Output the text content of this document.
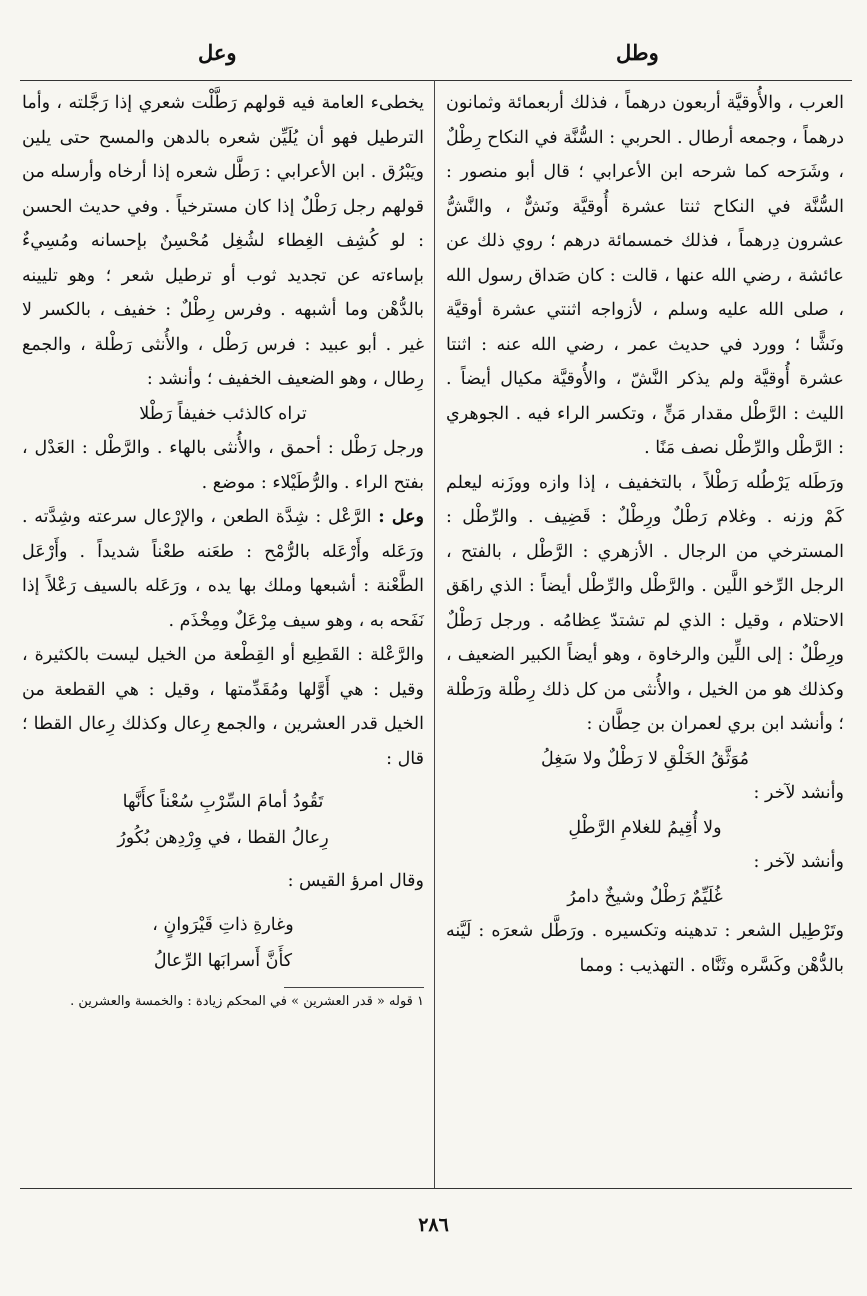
وطل
وعل

العرب ، والأُوقيَّة أربعون درهماً ، فذلك أربعمائة وثمانون درهماً ، وجمعه أرطال . الحربي : السُّنَّة في النكاح رِطْلٌ ، وشَرَحه كما شرحه ابن الأعرابي ؛ قال أبو منصور : السُّنَّة في النكاح ثنتا عشرة أُوقيَّة ونَشٌّ ، والنَّشُّ عشرون دِرهماً ، فذلك خمسمائة درهم ؛ روي ذلك عن عائشة ، رضي الله عنها ، قالت : كان صَداق رسول الله ، صلى الله عليه وسلم ، لأزواجه اثنتي عشرة أوقيَّة ونَشًّا ؛ وورد في حديث عمر ، رضي الله عنه : اثنتا عشرة أُوقيَّة ولم يذكر النَّشّ ، والأُوقيَّة مكيال أيضاً . الليث : الرَّطْل مقدار مَنٍّ ، وتكسر الراء فيه . الجوهري : الرَّطْل والرِّطْل نصف مَنًا .

ورَطَله يَرْطُله رَطْلاً ، بالتخفيف ، إذا وازه ووزَنه ليعلم كَمْ وزنه . وغلام رَطْلٌ ورِطْلٌ : قَضِيف . والرِّطْل : المسترخي من الرجال . الأزهري : الرَّطْل ، بالفتح ، الرجل الرِّخو اللَّين . والرَّطْل والرِّطْل أيضاً : الذي راهَق الاحتلام ، وقيل : الذي لم تشتدّ عِظامُه . ورجل رَطْلٌ ورِطْلٌ : إلى اللِّين والرخاوة ، وهو أيضاً الكبير الضعيف ، وكذلك هو من الخيل ، والأُنثى من كل ذلك رِطْلة ورَطْلة ؛ وأنشد ابن بري لعمران بن حِطَّان :

مُوَثَّقُ الخَلْقِ لا رَطْلٌ ولا سَغِلُ

وأنشد لآخر :

ولا أُقِيمُ للغلامِ الرَّطْلِ

وأنشد لآخر :

غُلَيِّمٌ رَطْلٌ وشيخٌ دامرُ

وتَرْطِيل الشعر : تدهينه وتكسيره . ورَطَّل شعرَه : لَيَّنه بالدُّهْن وكَسَّره وثَنَّاه . التهذيب : ومما

يخطىء العامة فيه قولهم رَطَّلْت شعري إذا رَجَّلته ، وأما الترطيل فهو أن يُلَيِّن شعره بالدهن والمسح حتى يلين ويَبْرُق . ابن الأعرابي : رَطَّل شعره إذا أرخاه وأرسله من قولهم رجل رَطْلٌ إذا كان مسترخياً . وفي حديث الحسن : لو كُشِف الغِطاء لشُغِل مُحْسِنٌ بإحسانه ومُسِيءٌ بإساءته عن تجديد ثوب أو ترطيل شعر ؛ وهو تليينه بالدُّهْن وما أشبهه . وفرس رِطْلٌ : خفيف ، بالكسر لا غير . أبو عبيد : فرس رَطْل ، والأُنثى رَطْلة ، والجمع رِطال ، وهو الضعيف الخفيف ؛ وأنشد :

تراه كالذئب خفيفاً رَطْلا

ورجل رَطْل : أحمق ، والأُنثى بالهاء . والرَّطْل : العَدْل ، بفتح الراء . والرُّطَيْلاء : موضع .

وعل : الرَّعْل : شِدَّة الطعن ، والإرْعال سرعته وشِدَّته . ورَعَله وأَرْعَله بالرُّمْح : طعَنه طعْناً شديداً . وأَرْعَل الطَّعْنة : أشبعها وملك بها يده ، ورَعَله بالسيف رَعْلاً إذا نَفَحه به ، وهو سيف مِرْعَلٌ ومِخْذَم .

والرَّعْلة : القَطِيع أو القِطْعة من الخيل ليست بالكثيرة ، وقيل : هي أَوَّلها ومُقَدِّمتها ، وقيل : هي القطعة من الخيل قدر العشرين ، والجمع رِعال وكذلك رِعال القطا ؛ قال :

تَقُودُ أمامَ السِّرْبِ سُعْناً كأَنَّها
رِعالُ القطا ، في وِرْدِهن بُكُورُ

وقال امرؤ القيس :

وغارةِ ذاتِ قَيْرَوانٍ ،
كأَنَّ أَسرابَها الرِّعالُ

١ قوله « قدر العشرين » في المحكم زيادة : والخمسة والعشرين .

٢٨٦
